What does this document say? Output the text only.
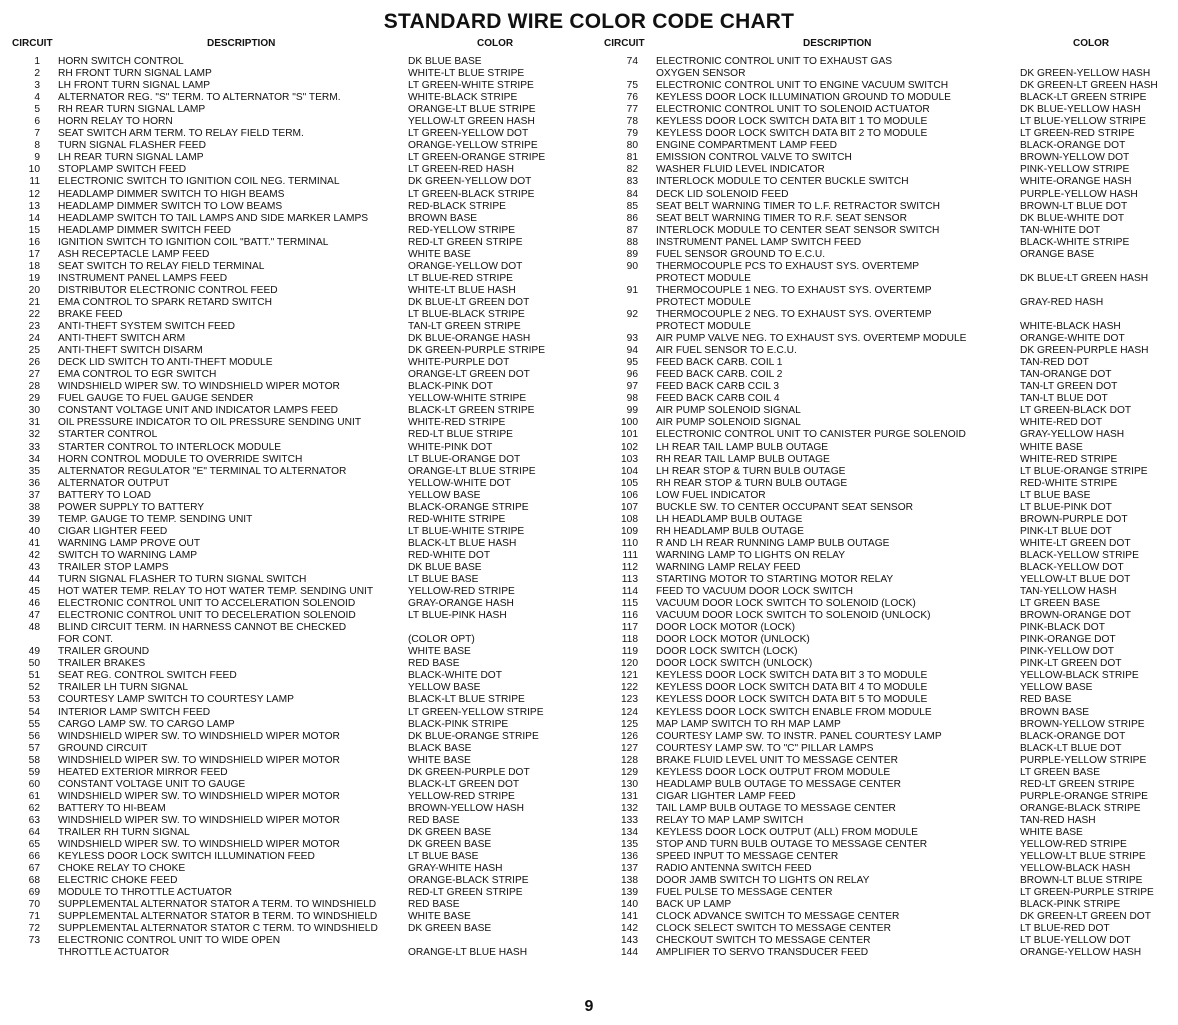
STANDARD WIRE COLOR CODE CHART
CIRCUIT	DESCRIPTION	COLOR	CIRCUIT	DESCRIPTION	COLOR
1	HORN SWITCH CONTROL	DK BLUE BASE
2	RH FRONT TURN SIGNAL LAMP	WHITE-LT BLUE STRIPE
3	LH FRONT TURN SIGNAL LAMP	LT GREEN-WHITE STRIPE
4	ALTERNATOR REG. "S" TERM. TO ALTERNATOR "S" TERM.	WHITE-BLACK STRIPE
5	RH REAR TURN SIGNAL LAMP	ORANGE-LT BLUE STRIPE
6	HORN RELAY TO HORN	YELLOW-LT GREEN HASH
7	SEAT SWITCH ARM TERM. TO RELAY FIELD TERM.	LT GREEN-YELLOW DOT
8	TURN SIGNAL FLASHER FEED	ORANGE-YELLOW STRIPE
9	LH REAR TURN SIGNAL LAMP	LT GREEN-ORANGE STRIPE
10	STOPLAMP SWITCH FEED	LT GREEN-RED HASH
11	ELECTRONIC SWITCH TO IGNITION COIL NEG. TERMINAL	DK GREEN-YELLOW DOT
12	HEADLAMP DIMMER SWITCH TO HIGH BEAMS	LT GREEN-BLACK STRIPE
13	HEADLAMP DIMMER SWITCH TO LOW BEAMS	RED-BLACK STRIPE
14	HEADLAMP SWITCH TO TAIL LAMPS AND SIDE MARKER LAMPS	BROWN BASE
15	HEADLAMP DIMMER SWITCH FEED	RED-YELLOW STRIPE
16	IGNITION SWITCH TO IGNITION COIL "BATT." TERMINAL	RED-LT GREEN STRIPE
17	ASH RECEPTACLE LAMP FEED	WHITE BASE
18	SEAT SWITCH TO RELAY FIELD TERMINAL	ORANGE-YELLOW DOT
19	INSTRUMENT PANEL LAMPS FEED	LT BLUE-RED STRIPE
20	DISTRIBUTOR ELECTRONIC CONTROL FEED	WHITE-LT BLUE HASH
21	EMA CONTROL TO SPARK RETARD SWITCH	DK BLUE-LT GREEN DOT
22	BRAKE FEED	LT BLUE-BLACK STRIPE
23	ANTI-THEFT SYSTEM SWITCH FEED	TAN-LT GREEN STRIPE
24	ANTI-THEFT SWITCH ARM	DK BLUE-ORANGE HASH
25	ANTI-THEFT SWITCH DISARM	DK GREEN-PURPLE STRIPE
26	DECK LID SWITCH TO ANTI-THEFT MODULE	WHITE-PURPLE DOT
27	EMA CONTROL TO EGR SWITCH	ORANGE-LT GREEN DOT
28	WINDSHIELD WIPER SW. TO WINDSHIELD WIPER MOTOR	BLACK-PINK DOT
29	FUEL GAUGE TO FUEL GAUGE SENDER	YELLOW-WHITE STRIPE
30	CONSTANT VOLTAGE UNIT AND INDICATOR LAMPS FEED	BLACK-LT GREEN STRIPE
31	OIL PRESSURE INDICATOR TO OIL PRESSURE SENDING UNIT	WHITE-RED STRIPE
32	STARTER CONTROL	RED-LT BLUE STRIPE
33	STARTER CONTROL TO INTERLOCK MODULE	WHITE-PINK DOT
34	HORN CONTROL MODULE TO OVERRIDE SWITCH	LT BLUE-ORANGE DOT
35	ALTERNATOR REGULATOR "E" TERMINAL TO ALTERNATOR	ORANGE-LT BLUE STRIPE
36	ALTERNATOR OUTPUT	YELLOW-WHITE DOT
37	BATTERY TO LOAD	YELLOW BASE
38	POWER SUPPLY TO BATTERY	BLACK-ORANGE STRIPE
39	TEMP. GAUGE TO TEMP. SENDING UNIT	RED-WHITE STRIPE
40	CIGAR LIGHTER FEED	LT BLUE-WHITE STRIPE
41	WARNING LAMP PROVE OUT	BLACK-LT BLUE HASH
42	SWITCH TO WARNING LAMP	RED-WHITE DOT
43	TRAILER STOP LAMPS	DK BLUE BASE
44	TURN SIGNAL FLASHER TO TURN SIGNAL SWITCH	LT BLUE BASE
45	HOT WATER TEMP. RELAY TO HOT WATER TEMP. SENDING UNIT	YELLOW-RED STRIPE
46	ELECTRONIC CONTROL UNIT TO ACCELERATION SOLENOID	GRAY-ORANGE HASH
47	ELECTRONIC CONTROL UNIT TO DECELERATION SOLENOID	LT BLUE-PINK HASH
48	BLIND CIRCUIT TERM. IN HARNESS CANNOT BE CHECKED
FOR CONT.	(COLOR OPT)
49	TRAILER GROUND	WHITE BASE
50	TRAILER BRAKES	RED BASE
51	SEAT REG. CONTROL SWITCH FEED	BLACK-WHITE DOT
52	TRAILER LH TURN SIGNAL	YELLOW BASE
53	COURTESY LAMP SWITCH TO COURTESY LAMP	BLACK-LT BLUE STRIPE
54	INTERIOR LAMP SWITCH FEED	LT GREEN-YELLOW STRIPE
55	CARGO LAMP SW. TO CARGO LAMP	BLACK-PINK STRIPE
56	WINDSHIELD WIPER SW. TO WINDSHIELD WIPER MOTOR	DK BLUE-ORANGE STRIPE
57	GROUND CIRCUIT	BLACK BASE
58	WINDSHIELD WIPER SW. TO WINDSHIELD WIPER MOTOR	WHITE BASE
59	HEATED EXTERIOR MIRROR FEED	DK GREEN-PURPLE DOT
60	CONSTANT VOLTAGE UNIT TO GAUGE	BLACK-LT GREEN DOT
61	WINDSHIELD WIPER SW. TO WINDSHIELD WIPER MOTOR	YELLOW-RED STRIPE
62	BATTERY TO HI-BEAM	BROWN-YELLOW HASH
63	WINDSHIELD WIPER SW. TO WINDSHIELD WIPER MOTOR	RED BASE
64	TRAILER RH TURN SIGNAL	DK GREEN BASE
65	WINDSHIELD WIPER SW. TO WINDSHIELD WIPER MOTOR	DK GREEN BASE
66	KEYLESS DOOR LOCK SWITCH ILLUMINATION FEED	LT BLUE BASE
67	CHOKE RELAY TO CHOKE	GRAY-WHITE HASH
68	ELECTRIC CHOKE FEED	ORANGE-BLACK STRIPE
69	MODULE TO THROTTLE ACTUATOR	RED-LT GREEN STRIPE
70	SUPPLEMENTAL ALTERNATOR STATOR A TERM. TO WINDSHIELD	RED BASE
71	SUPPLEMENTAL ALTERNATOR STATOR B TERM. TO WINDSHIELD	WHITE BASE
72	SUPPLEMENTAL ALTERNATOR STATOR C TERM. TO WINDSHIELD	DK GREEN BASE
73	ELECTRONIC CONTROL UNIT TO WIDE OPEN
THROTTLE ACTUATOR	ORANGE-LT BLUE HASH
74	ELECTRONIC CONTROL UNIT TO EXHAUST GAS
OXYGEN SENSOR	DK GREEN-YELLOW HASH
75	ELECTRONIC CONTROL UNIT TO ENGINE VACUUM SWITCH	DK GREEN-LT GREEN HASH
76	KEYLESS DOOR LOCK ILLUMINATION GROUND TO MODULE	BLACK-LT GREEN STRIPE
77	ELECTRONIC CONTROL UNIT TO SOLENOID ACTUATOR	DK BLUE-YELLOW HASH
78	KEYLESS DOOR LOCK SWITCH DATA BIT 1 TO MODULE	LT BLUE-YELLOW STRIPE
79	KEYLESS DOOR LOCK SWITCH DATA BIT 2 TO MODULE	LT GREEN-RED STRIPE
80	ENGINE COMPARTMENT LAMP FEED	BLACK-ORANGE DOT
81	EMISSION CONTROL VALVE TO SWITCH	BROWN-YELLOW DOT
82	WASHER FLUID LEVEL INDICATOR	PINK-YELLOW STRIPE
83	INTERLOCK MODULE TO CENTER BUCKLE SWITCH	WHITE-ORANGE HASH
84	DECK LID SOLENOID FEED	PURPLE-YELLOW HASH
85	SEAT BELT WARNING TIMER TO L.F. RETRACTOR SWITCH	BROWN-LT BLUE DOT
86	SEAT BELT WARNING TIMER TO R.F. SEAT SENSOR	DK BLUE-WHITE DOT
87	INTERLOCK MODULE TO CENTER SEAT SENSOR SWITCH	TAN-WHITE DOT
88	INSTRUMENT PANEL LAMP SWITCH FEED	BLACK-WHITE STRIPE
89	FUEL SENSOR GROUND TO E.C.U.	ORANGE BASE
90	THERMOCOUPLE PCS TO EXHAUST SYS. OVERTEMP
PROTECT MODULE	DK BLUE-LT GREEN HASH
91	THERMOCOUPLE 1 NEG. TO EXHAUST SYS. OVERTEMP
PROTECT MODULE	GRAY-RED HASH
92	THERMOCOUPLE 2 NEG. TO EXHAUST SYS. OVERTEMP
PROTECT MODULE	WHITE-BLACK HASH
93	AIR PUMP VALVE NEG. TO EXHAUST SYS. OVERTEMP MODULE	ORANGE-WHITE DOT
94	AIR FUEL SENSOR TO E.C.U.	DK GREEN-PURPLE HASH
95	FEED BACK CARB. COIL 1	TAN-RED DOT
96	FEED BACK CARB. COIL 2	TAN-ORANGE DOT
97	FEED BACK CARB CCIL 3	TAN-LT GREEN DOT
98	FEED BACK CARB COIL 4	TAN-LT BLUE DOT
99	AIR PUMP SOLENOID SIGNAL	LT GREEN-BLACK DOT
100	AIR PUMP SOLENOID SIGNAL	WHITE-RED DOT
101	ELECTRONIC CONTROL UNIT TO CANISTER PURGE SOLENOID	GRAY-YELLOW HASH
102	LH REAR TAIL LAMP BULB OUTAGE	WHITE BASE
103	RH REAR TAIL LAMP BULB OUTAGE	WHITE-RED STRIPE
104	LH REAR STOP & TURN BULB OUTAGE	LT BLUE-ORANGE STRIPE
105	RH REAR STOP & TURN BULB OUTAGE	RED-WHITE STRIPE
106	LOW FUEL INDICATOR	LT BLUE BASE
107	BUCKLE SW. TO CENTER OCCUPANT SEAT SENSOR	LT BLUE-PINK DOT
108	LH HEADLAMP BULB OUTAGE	BROWN-PURPLE DOT
109	RH HEADLAMP BULB OUTAGE	PINK-LT BLUE DOT
110	R AND LH REAR RUNNING LAMP BULB OUTAGE	WHITE-LT GREEN DOT
111	WARNING LAMP TO LIGHTS ON RELAY	BLACK-YELLOW STRIPE
112	WARNING LAMP RELAY FEED	BLACK-YELLOW DOT
113	STARTING MOTOR TO STARTING MOTOR RELAY	YELLOW-LT BLUE DOT
114	FEED TO VACUUM DOOR LOCK SWITCH	TAN-YELLOW HASH
115	VACUUM DOOR LOCK SWITCH TO SOLENOID (LOCK)	LT GREEN BASE
116	VACUUM DOOR LOCK SWITCH TO SOLENOID (UNLOCK)	BROWN-ORANGE DOT
117	DOOR LOCK MOTOR (LOCK)	PINK-BLACK DOT
118	DOOR LOCK MOTOR (UNLOCK)	PINK-ORANGE DOT
119	DOOR LOCK SWITCH (LOCK)	PINK-YELLOW DOT
120	DOOR LOCK SWITCH (UNLOCK)	PINK-LT GREEN DOT
121	KEYLESS DOOR LOCK SWITCH DATA BIT 3 TO MODULE	YELLOW-BLACK STRIPE
122	KEYLESS DOOR LOCK SWITCH DATA BIT 4 TO MODULE	YELLOW BASE
123	KEYLESS DOOR LOCK SWITCH DATA BIT 5 TO MODULE	RED BASE
124	KEYLESS DOOR LOCK SWITCH ENABLE FROM MODULE	BROWN BASE
125	MAP LAMP SWITCH TO RH MAP LAMP	BROWN-YELLOW STRIPE
126	COURTESY LAMP SW. TO INSTR. PANEL COURTESY LAMP	BLACK-ORANGE DOT
127	COURTESY LAMP SW. TO "C" PILLAR LAMPS	BLACK-LT BLUE DOT
128	BRAKE FLUID LEVEL UNIT TO MESSAGE CENTER	PURPLE-YELLOW STRIPE
129	KEYLESS DOOR LOCK OUTPUT FROM MODULE	LT GREEN BASE
130	HEADLAMP BULB OUTAGE TO MESSAGE CENTER	RED-LT GREEN STRIPE
131	CIGAR LIGHTER LAMP FEED	PURPLE-ORANGE STRIPE
132	TAIL LAMP BULB OUTAGE TO MESSAGE CENTER	ORANGE-BLACK STRIPE
133	RELAY TO MAP LAMP SWITCH	TAN-RED HASH
134	KEYLESS DOOR LOCK OUTPUT (ALL) FROM MODULE	WHITE BASE
135	STOP AND TURN BULB OUTAGE TO MESSAGE CENTER	YELLOW-RED STRIPE
136	SPEED INPUT TO MESSAGE CENTER	YELLOW-LT BLUE STRIPE
137	RADIO ANTENNA SWITCH FEED	YELLOW-BLACK HASH
138	DOOR JAMB SWITCH TO LIGHTS ON RELAY	BROWN-LT BLUE STRIPE
139	FUEL PULSE TO MESSAGE CENTER	LT GREEN-PURPLE STRIPE
140	BACK UP LAMP	BLACK-PINK STRIPE
141	CLOCK ADVANCE SWITCH TO MESSAGE CENTER	DK GREEN-LT GREEN DOT
142	CLOCK SELECT SWITCH TO MESSAGE CENTER	LT BLUE-RED DOT
143	CHECKOUT SWITCH TO MESSAGE CENTER	LT BLUE-YELLOW DOT
144	AMPLIFIER TO SERVO TRANSDUCER FEED	ORANGE-YELLOW HASH
9
